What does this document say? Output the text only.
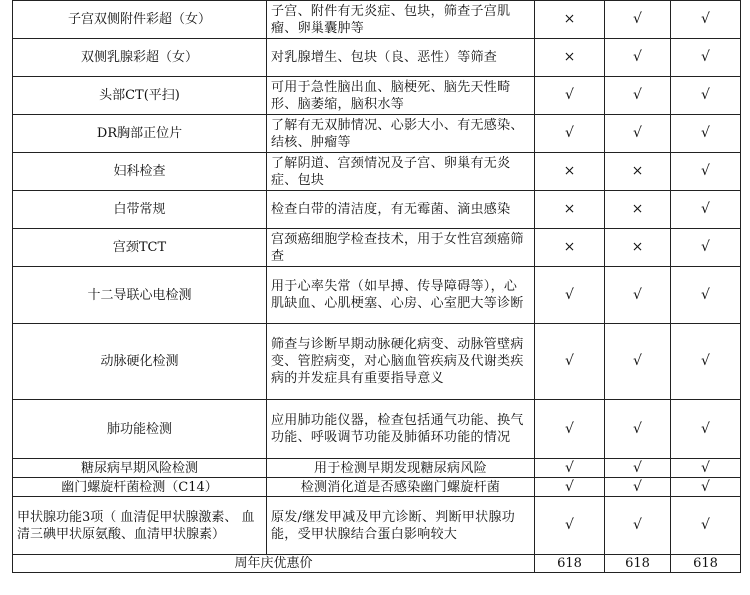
子宫双侧附件彩超（女）	子宫、附件有无炎症、包块，筛查子宫肌瘤、卵巢囊肿等	×	√	√
双侧乳腺彩超（女）	对乳腺增生、包块（良、恶性）等筛查	×	√	√
头部CT(平扫)	可用于急性脑出血、脑梗死、脑先天性畸形、脑萎缩，脑积水等	√	√	√
DR胸部正位片	了解有无双肺情况、心影大小、有无感染、结核、肿瘤等	√	√	√
妇科检查	了解阴道、宫颈情况及子宫、卵巢有无炎症、包块	×	×	√
白带常规	检查白带的清洁度，有无霉菌、滴虫感染	×	×	√
宫颈TCT	宫颈癌细胞学检查技术，用于女性宫颈癌筛查	×	×	√
十二导联心电检测	用于心率失常（如早搏、传导障碍等），心肌缺血、心肌梗塞、心房、心室肥大等诊断	√	√	√
动脉硬化检测	筛查与诊断早期动脉硬化病变、动脉管壁病变、管腔病变，对心脑血管疾病及代谢类疾病的并发症具有重要指导意义	√	√	√
肺功能检测	应用肺功能仪器，检查包括通气功能、换气功能、呼吸调节功能及肺循环功能的情况	√	√	√
糖尿病早期风险检测	用于检测早期发现糖尿病风险	√	√	√
幽门螺旋杆菌检测（C14）	检测消化道是否感染幽门螺旋杆菌	√	√	√
甲状腺功能3项（ 血清促甲状腺激素、 血清三碘甲状原氨酸、血清甲状腺素）	原发/继发甲减及甲亢诊断、判断甲状腺功能，受甲状腺结合蛋白影响较大	√	√	√
周年庆优惠价		618	618	618
